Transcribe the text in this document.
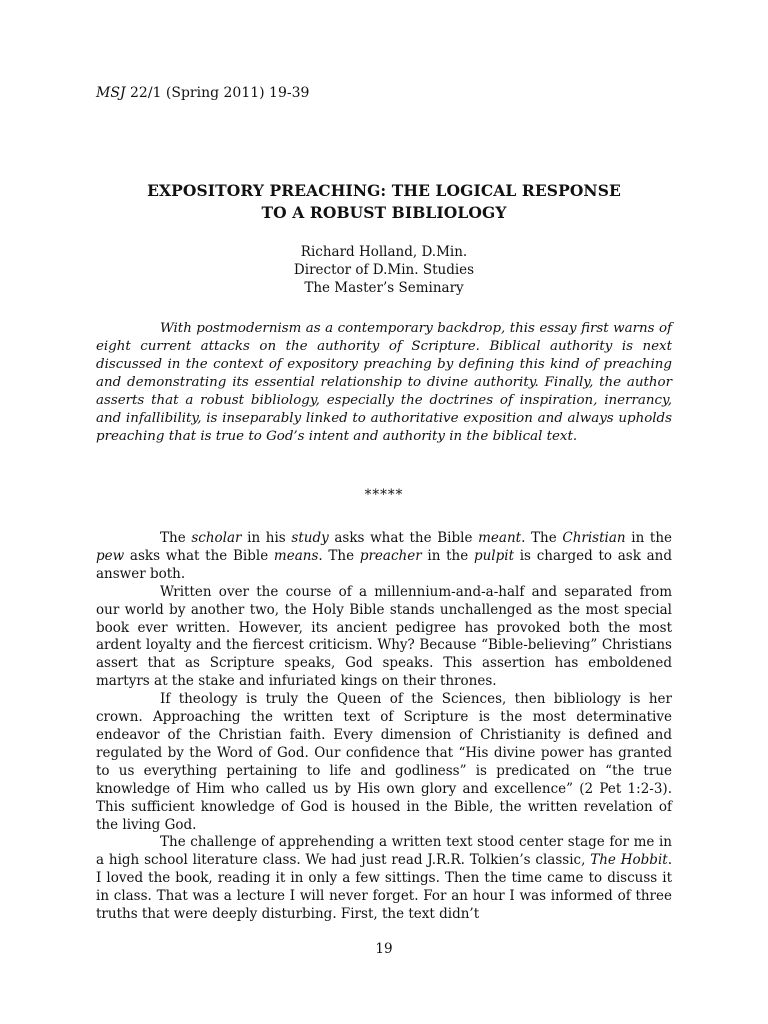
MSJ 22/1 (Spring 2011) 19-39
EXPOSITORY PREACHING: THE LOGICAL RESPONSE
TO A ROBUST BIBLIOLOGY
Richard Holland, D.Min.
Director of D.Min. Studies
The Master’s Seminary

With postmodernism as a contemporary backdrop, this essay first warns of eight current attacks on the authority of Scripture. Biblical authority is next discussed in the context of expository preaching by defining this kind of preaching and demonstrating its essential relationship to divine authority. Finally, the author asserts that a robust bibliology, especially the doctrines of inspiration, inerrancy, and infallibility, is inseparably linked to authoritative exposition and always upholds preaching that is true to God’s intent and authority in the biblical text.

*****

The scholar in his study asks what the Bible meant. The Christian in the pew asks what the Bible means. The preacher in the pulpit is charged to ask and answer both.

Written over the course of a millennium-and-a-half and separated from our world by another two, the Holy Bible stands unchallenged as the most special book ever written. However, its ancient pedigree has provoked both the most ardent loyalty and the fiercest criticism. Why? Because “Bible-believing” Christians assert that as Scripture speaks, God speaks. This assertion has emboldened martyrs at the stake and infuriated kings on their thrones.

If theology is truly the Queen of the Sciences, then bibliology is her crown. Approaching the written text of Scripture is the most determinative endeavor of the Christian faith. Every dimension of Christianity is defined and regulated by the Word of God. Our confidence that “His divine power has granted to us everything pertaining to life and godliness” is predicated on “the true knowledge of Him who called us by His own glory and excellence” (2 Pet 1:2-3). This sufficient knowledge of God is housed in the Bible, the written revelation of the living God.

The challenge of apprehending a written text stood center stage for me in a high school literature class. We had just read J.R.R. Tolkien’s classic, The Hobbit. I loved the book, reading it in only a few sittings. Then the time came to discuss it in class. That was a lecture I will never forget. For an hour I was informed of three truths that were deeply disturbing. First, the text didn’t

19
